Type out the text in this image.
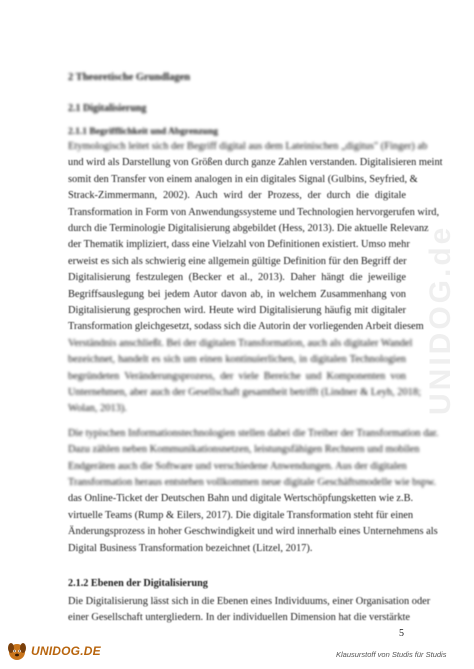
UNIDOG.de
2 Theoretische Grundlagen
2.1 Digitalisierung
2.1.1 Begrifflichkeit und Abgrenzung
Etymologisch leitet sich der Begriff digital aus dem Lateinischen „digitus" (Finger) ab
und wird als Darstellung von Größen durch ganze Zahlen verstanden. Digitalisieren meint
somit den Transfer von einem analogen in ein digitales Signal (Gulbins, Seyfried, &
Strack-Zimmermann, 2002). Auch wird der Prozess, der durch die digitale
Transformation in Form von Anwendungssysteme und Technologien hervorgerufen wird,
durch die Terminologie Digitalisierung abgebildet (Hess, 2013). Die aktuelle Relevanz
der Thematik impliziert, dass eine Vielzahl von Definitionen existiert. Umso mehr
erweist es sich als schwierig eine allgemein gültige Definition für den Begriff der
Digitalisierung festzulegen (Becker et al., 2013). Daher hängt die jeweilige
Begriffsauslegung bei jedem Autor davon ab, in welchem Zusammenhang von
Digitalisierung gesprochen wird. Heute wird Digitalisierung häufig mit digitaler
Transformation gleichgesetzt, sodass sich die Autorin der vorliegenden Arbeit diesem
Verständnis anschließt. Bei der digitalen Transformation, auch als digitaler Wandel
bezeichnet, handelt es sich um einen kontinuierlichen, in digitalen Technologien
begründeten Veränderungsprozess, der viele Bereiche und Komponenten von
Unternehmen, aber auch der Gesellschaft gesamtheit betrifft (Lindner & Leyh, 2018;
Wolan, 2013).
Die typischen Informationstechnologien stellen dabei die Treiber der Transformation dar.
Dazu zählen neben Kommunikationsnetzen, leistungsfähigen Rechnern und mobilen
Endgeräten auch die Software und verschiedene Anwendungen. Aus der digitalen
Transformation heraus entstehen vollkommen neue digitale Geschäftsmodelle wie bspw.
das Online-Ticket der Deutschen Bahn und digitale Wertschöpfungsketten wie z.B.
virtuelle Teams (Rump & Eilers, 2017). Die digitale Transformation steht für einen
Änderungsprozess in hoher Geschwindigkeit und wird innerhalb eines Unternehmens als
Digital Business Transformation bezeichnet (Litzel, 2017).
2.1.2 Ebenen der Digitalisierung
Die Digitalisierung lässt sich in die Ebenen eines Individuums, einer Organisation oder
einer Gesellschaft untergliedern. In der individuellen Dimension hat die verstärkte
5
UNIDOG.DE	Klausurstoff von Studis für Studis
